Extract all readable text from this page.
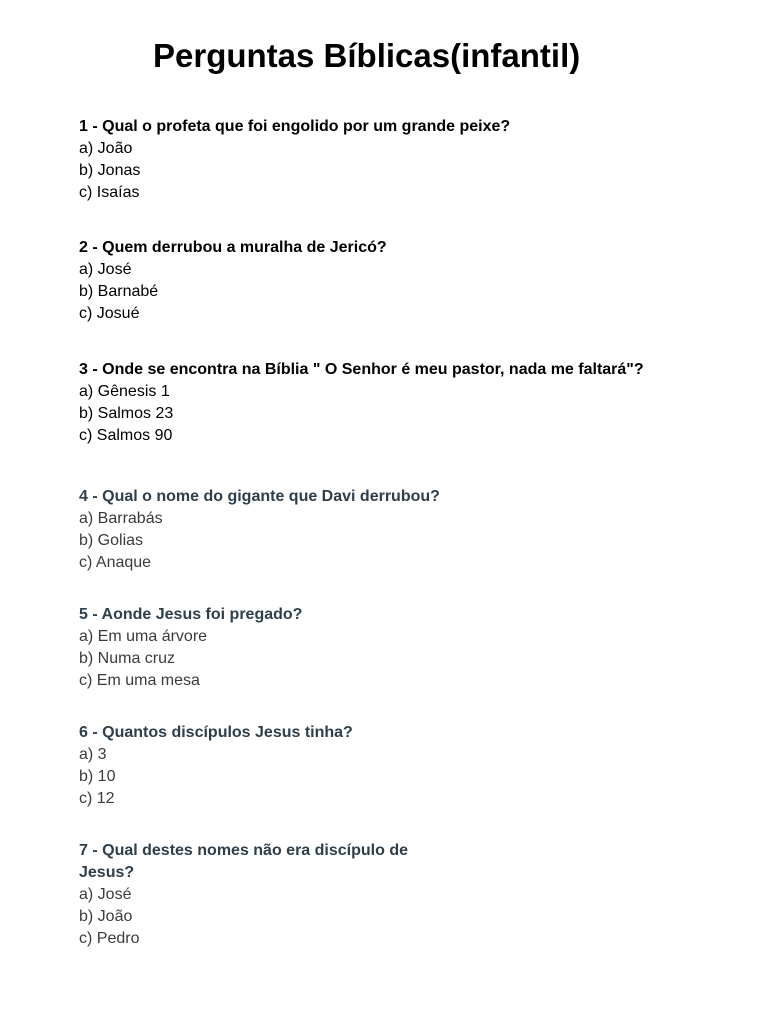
Perguntas Bíblicas(infantil)

1 - Qual o profeta que foi engolido por um grande peixe?

a) João

b) Jonas

c) Isaías

2 - Quem derrubou a muralha de Jericó?

a) José

b) Barnabé

c) Josué

3 - Onde se encontra na Bíblia " O Senhor é meu pastor, nada me faltará"?

a) Gênesis 1

b) Salmos 23

c) Salmos 90

4 - Qual o nome do gigante que Davi derrubou?

a) Barrabás

b) Golias

c) Anaque

5 - Aonde Jesus foi pregado?

a) Em uma árvore

b) Numa cruz

c) Em uma mesa

6 - Quantos discípulos Jesus tinha?

a) 3

b) 10

c) 12

7 - Qual destes nomes não era discípulo de Jesus?

a) José

b) João

c) Pedro
